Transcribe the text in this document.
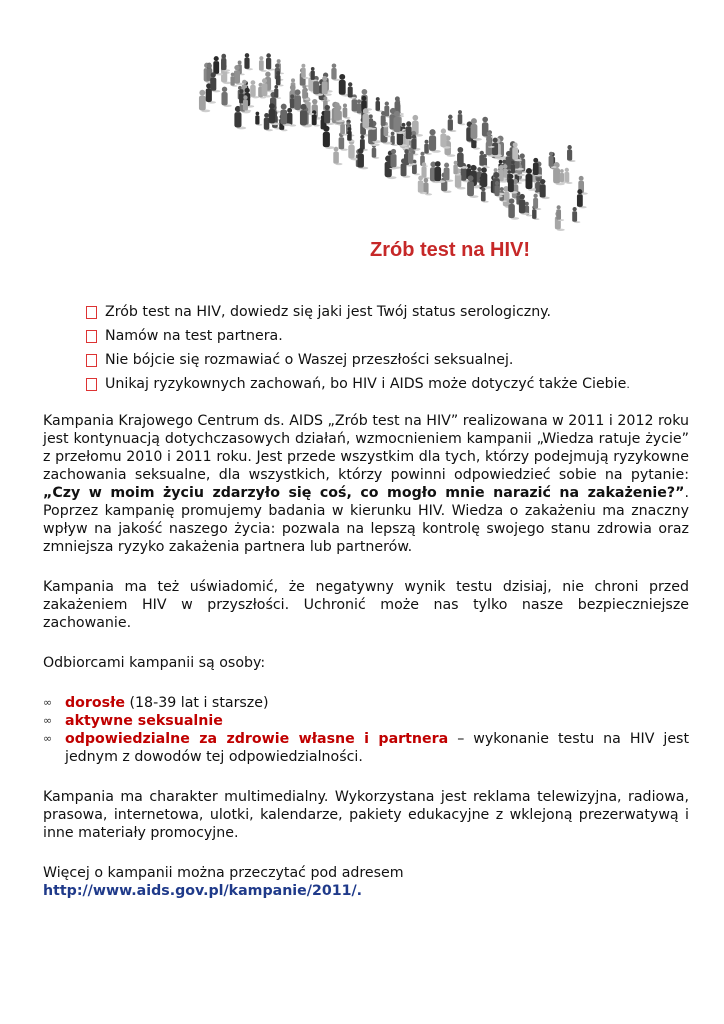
Zrób test na HIV!
Zrób test na HIV, dowiedz się jaki jest Twój status serologiczny.
Namów na test partnera.
Nie bójcie się rozmawiać o Waszej przeszłości seksualnej.
Unikaj ryzykownych zachowań, bo HIV i AIDS może dotyczyć także Ciebie.

Kampania Krajowego Centrum ds. AIDS „Zrób test na HIV” realizowana w 2011 i 2012 roku jest kontynuacją dotychczasowych działań, wzmocnieniem kampanii „Wiedza ratuje życie” z przełomu 2010 i 2011 roku. Jest przede wszystkim dla tych, którzy podejmują ryzykowne zachowania seksualne, dla wszystkich, którzy powinni odpowiedzieć sobie na pytanie: „Czy w moim życiu zdarzyło się coś, co mogło mnie narazić na zakażenie?”. Poprzez kampanię promujemy badania w kierunku HIV. Wiedza o zakażeniu ma znaczny wpływ na jakość naszego życia: pozwala na lepszą kontrolę swojego stanu zdrowia oraz zmniejsza ryzyko zakażenia partnera lub partnerów.

Kampania ma też uświadomić, że negatywny wynik testu dzisiaj, nie chroni przed zakażeniem HIV w przyszłości. Uchronić może nas tylko nasze bezpieczniejsze zachowanie.

Odbiorcami kampanii są osoby:

∞ dorosłe (18-39 lat i starsze)
∞ aktywne seksualnie
∞ odpowiedzialne za zdrowie własne i partnera – wykonanie testu na HIV jest jednym z dowodów tej odpowiedzialności.

Kampania ma charakter multimedialny. Wykorzystana jest reklama telewizyjna, radiowa, prasowa, internetowa, ulotki, kalendarze, pakiety edukacyjne z wklejoną prezerwatywą i inne materiały promocyjne.

Więcej o kampanii można przeczytać pod adresem
http://www.aids.gov.pl/kampanie/2011/.
